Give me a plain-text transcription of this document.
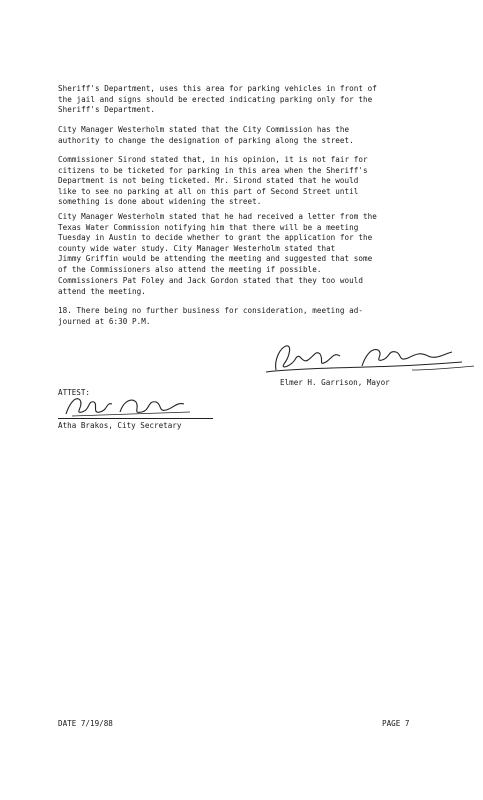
Sheriff's Department, uses this area for parking vehicles in front of
the jail and signs should be erected indicating parking only for the
Sheriff's Department.
City Manager Westerholm stated that the City Commission has the
authority to change the designation of parking along the street.
Commissioner Sirond stated that, in his opinion, it is not fair for
citizens to be ticketed for parking in this area when the Sheriff's
Department is not being ticketed. Mr. Sirond stated that he would
like to see no parking at all on this part of Second Street until
something is done about widening the street.
City Manager Westerholm stated that he had received a letter from the
Texas Water Commission notifying him that there will be a meeting
Tuesday in Austin to decide whether to grant the application for the
county wide water study. City Manager Westerholm stated that
Jimmy Griffin would be attending the meeting and suggested that some
of the Commissioners also attend the meeting if possible.
Commissioners Pat Foley and Jack Gordon stated that they too would
attend the meeting.
18. There being no further business for consideration, meeting ad-
journed at 6:30 P.M.
Elmer H. Garrison, Mayor
ATTEST:
Atha Brakos, City Secretary
DATE 7/19/88	PAGE 7
